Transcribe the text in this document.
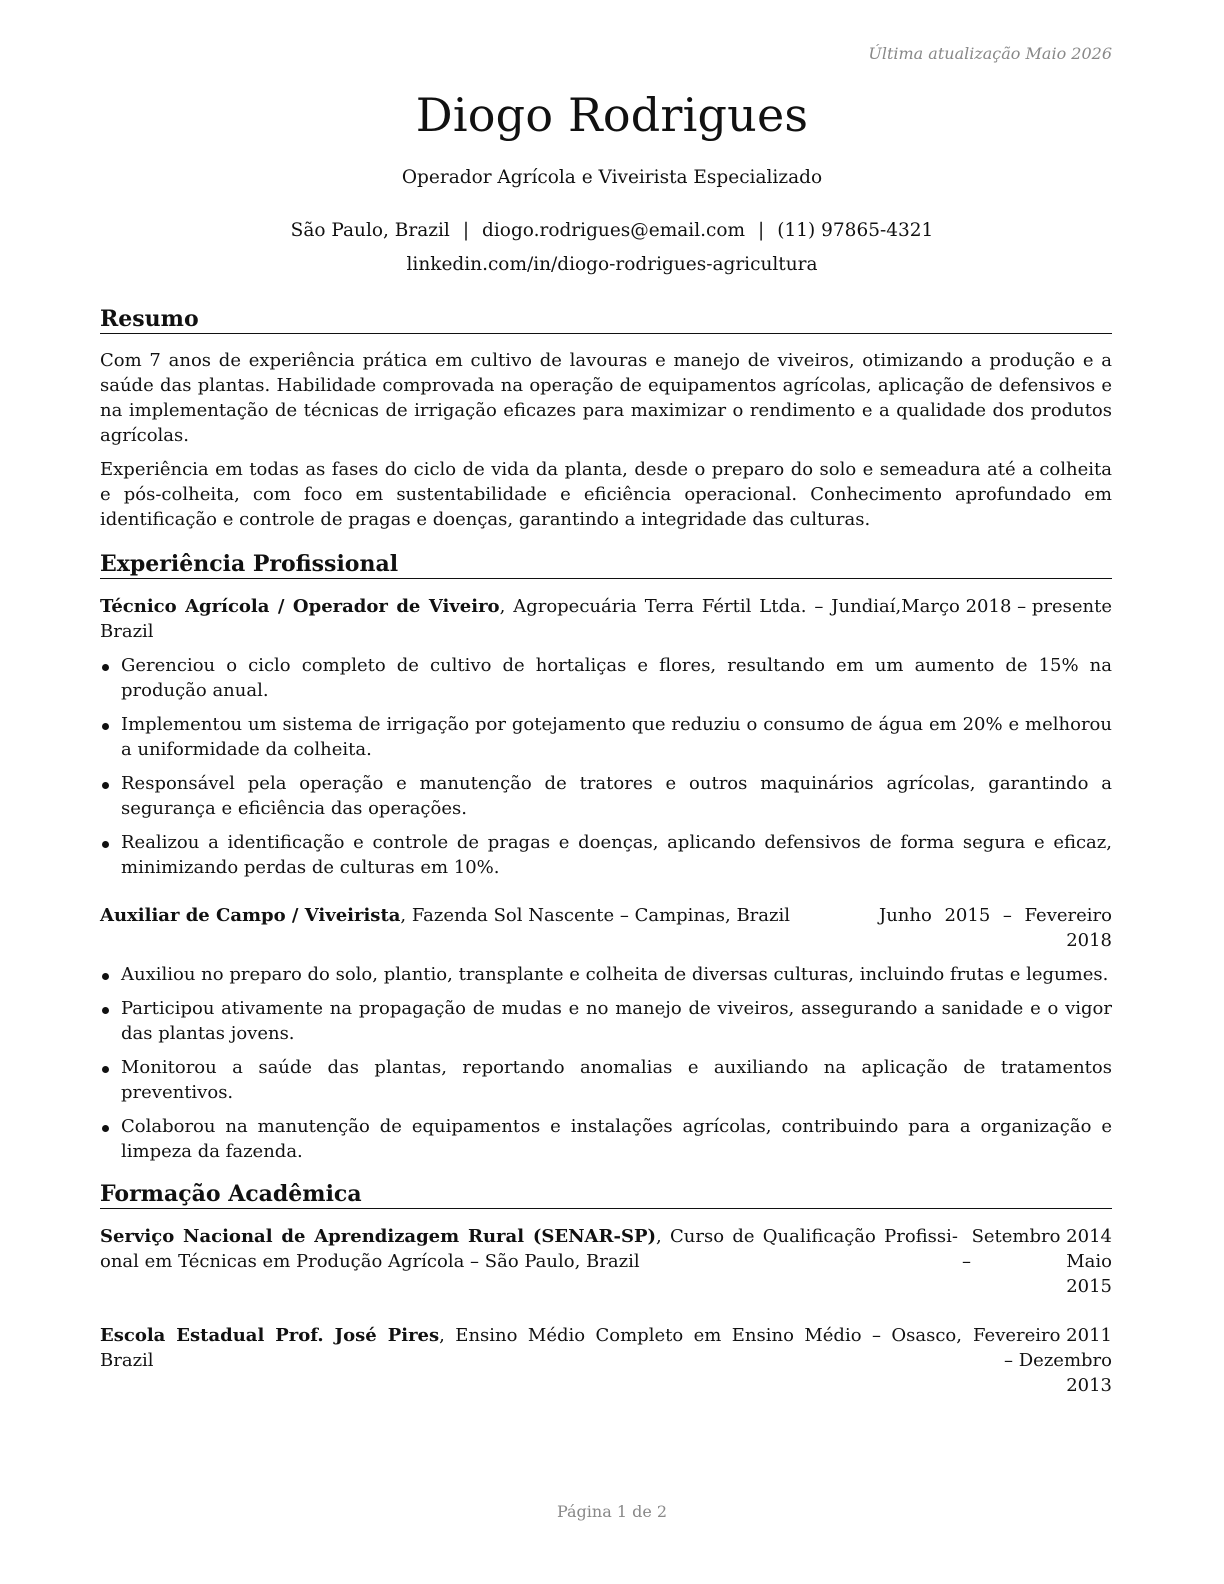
Última atualização Maio 2026
Diogo Rodrigues
Operador Agrícola e Viveirista Especializado
São Paulo, Brazil | diogo.rodrigues@email.com | (11) 97865-4321
linkedin.com/in/diogo-rodrigues-agricultura
Resumo

Com 7 anos de experiência prática em cultivo de lavouras e manejo de viveiros, otimizando a produção e a saúde das plantas. Habilidade comprovada na operação de equipamentos agrícolas, aplicação de defensivos e na implementação de técnicas de irrigação eficazes para maximizar o rendimento e a qualidade dos produtos agrícolas.

Experiência em todas as fases do ciclo de vida da planta, desde o preparo do solo e semeadura até a colheita e pós-colheita, com foco em sustentabilidade e eficiência operacional. Conhecimento aprofundado em identificação e controle de pragas e doenças, garantindo a integridade das culturas.

Experiência Profissional
Técnico Agrícola / Operador de Viveiro, Agropecuária Terra Fértil Ltda. – Jundiaí, Brazil
Março 2018 – presente
Gerenciou o ciclo completo de cultivo de hortaliças e flores, resultando em um aumento de 15% na produção anual.
Implementou um sistema de irrigação por gotejamento que reduziu o consumo de água em 20% e melhorou a uniformidade da colheita.
Responsável pela operação e manutenção de tratores e outros maquinários agrícolas, garantindo a segurança e eficiência das operações.
Realizou a identificação e controle de pragas e doenças, aplicando defensivos de forma segura e eficaz, minimizando perdas de culturas em 10%.
Auxiliar de Campo / Viveirista, Fazenda Sol Nascente – Campinas, Brazil	Junho 2015 – Fevereiro
2018
Auxiliou no preparo do solo, plantio, transplante e colheita de diversas culturas, incluindo frutas e legumes.
Participou ativamente na propagação de mudas e no manejo de viveiros, assegurando a sanidade e o vigor das plantas jovens.
Monitorou a saúde das plantas, reportando anomalias e auxiliando na aplicação de tratamentos preventivos.
Colaborou na manutenção de equipamentos e instalações agrícolas, contribuindo para a organização e limpeza da fazenda.
Formação Acadêmica
Serviço Nacional de Aprendizagem Rural (SENAR-SP), Curso de Qualificação Profissi-onal em Técnicas em Produção Agrícola – São Paulo, Brazil
Setembro 2014 – Maio
2015
Escola Estadual Prof. José Pires, Ensino Médio Completo em Ensino Médio – Osasco, Brazil
Fevereiro 2011 – Dezembro
2013
Página 1 de 2
